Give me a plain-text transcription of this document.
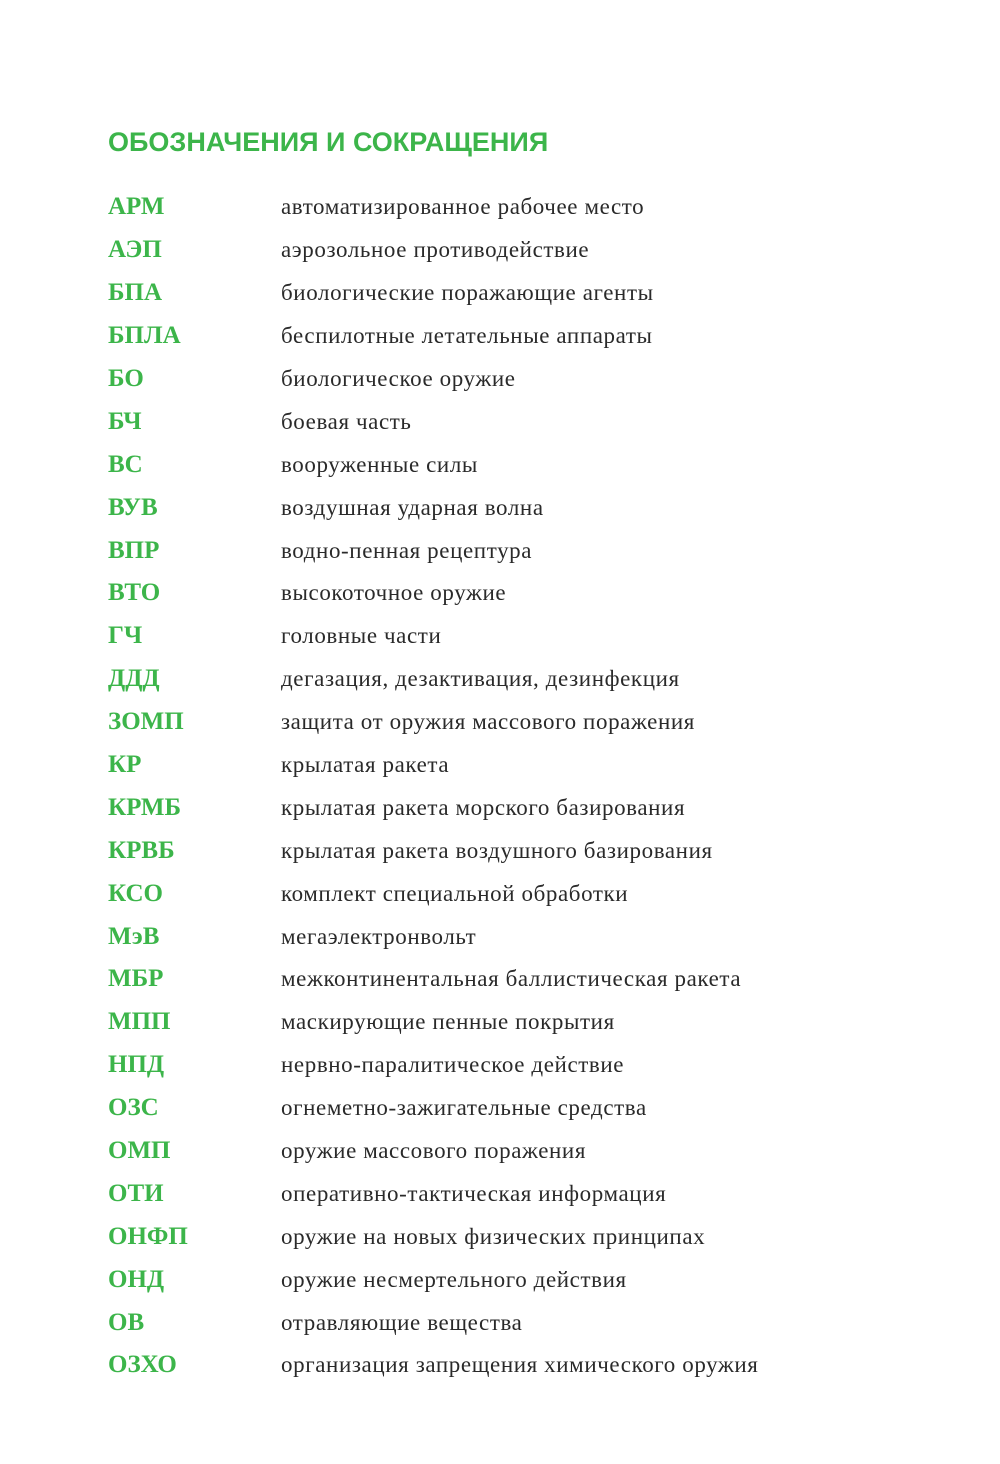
ОБОЗНАЧЕНИЯ И СОКРАЩЕНИЯ
АРМ	автоматизированное рабочее место
АЭП	аэрозольное противодействие
БПА	биологические поражающие агенты
БПЛА	беспилотные летательные аппараты
БО	биологическое оружие
БЧ	боевая часть
ВС	вооруженные силы
ВУВ	воздушная ударная волна
ВПР	водно-пенная рецептура
ВТО	высокоточное оружие
ГЧ	головные части
ДДД	дегазация, дезактивация, дезинфекция
ЗОМП	защита от оружия массового поражения
КР	крылатая ракета
КРМБ	крылатая ракета морского базирования
КРВБ	крылатая ракета воздушного базирования
КСО	комплект специальной обработки
МэВ	мегаэлектронвольт
МБР	межконтинентальная баллистическая ракета
МПП	маскирующие пенные покрытия
НПД	нервно-паралитическое действие
ОЗС	огнеметно-зажигательные средства
ОМП	оружие массового поражения
ОТИ	оперативно-тактическая информация
ОНФП	оружие на новых физических принципах
ОНД	оружие несмертельного действия
ОВ	отравляющие вещества
ОЗХО	организация запрещения химического оружия
